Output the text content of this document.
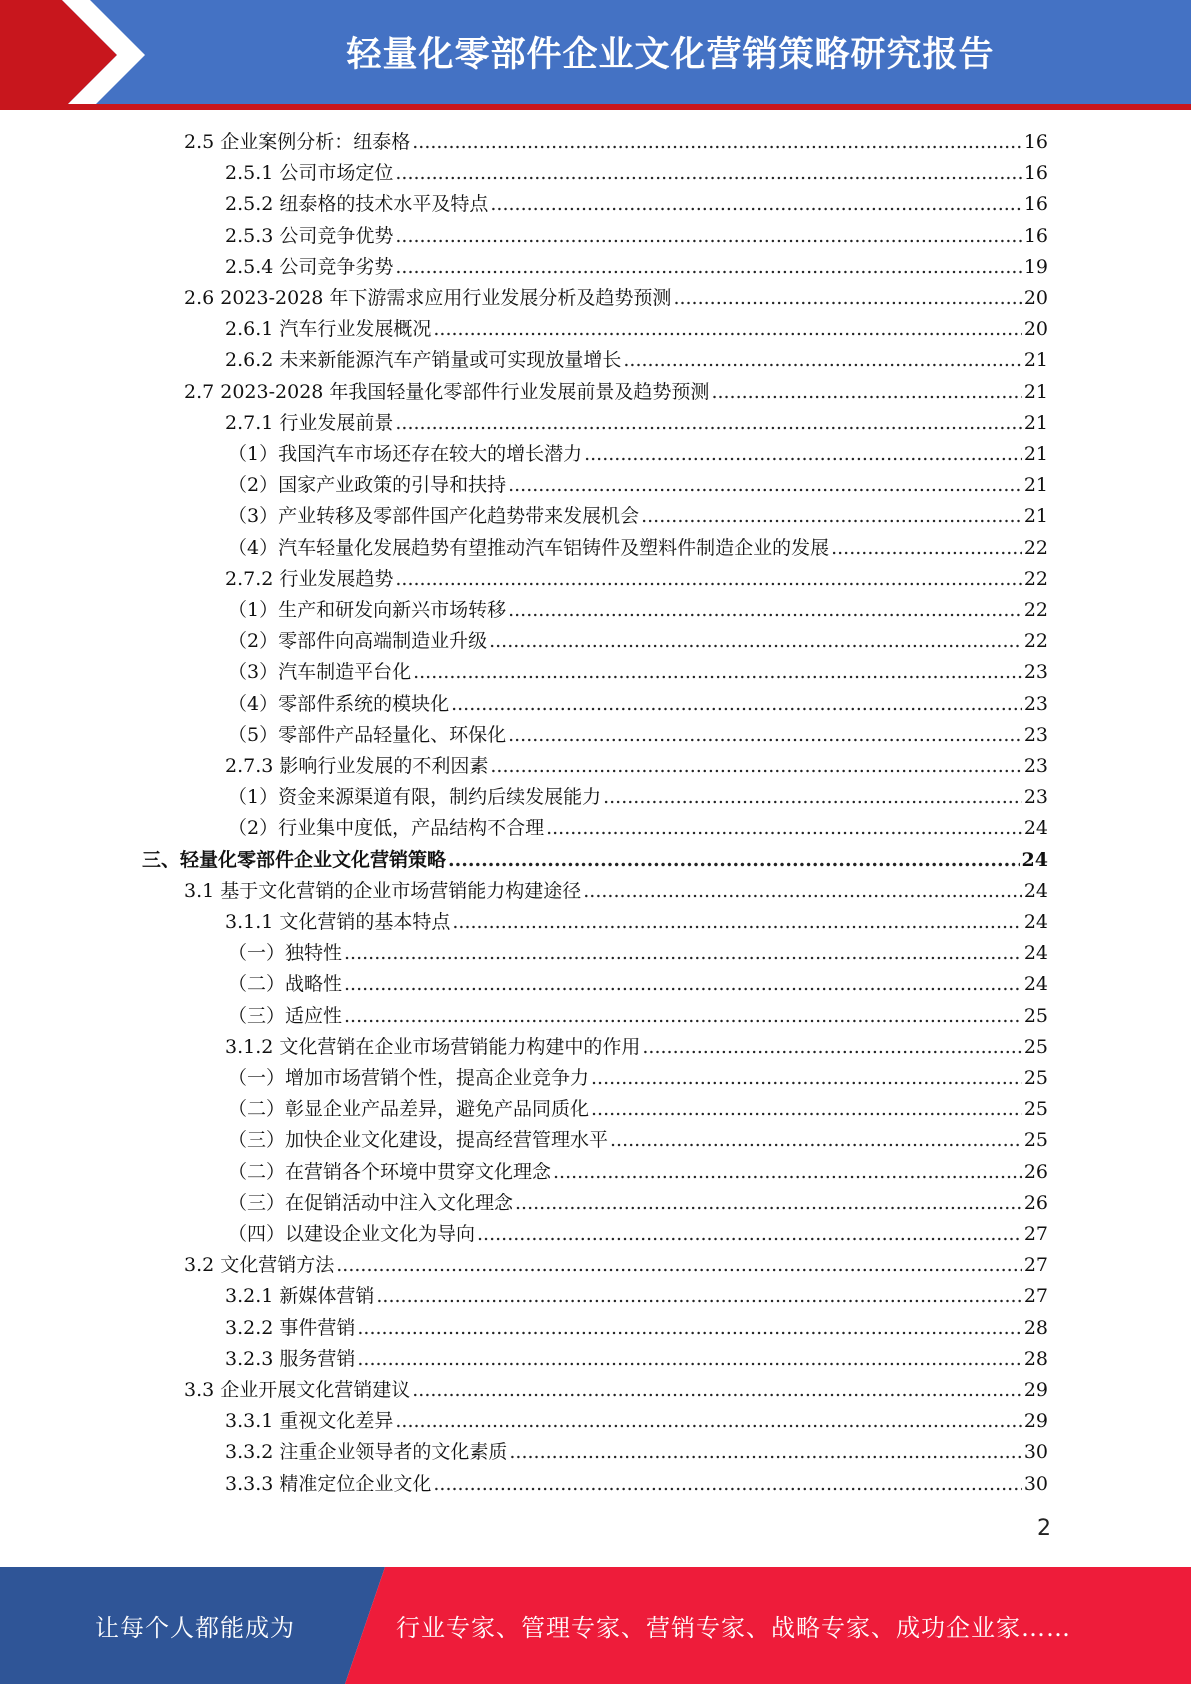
轻量化零部件企业文化营销策略研究报告
2.5 企业案例分析：纽泰格 .....	16
2.5.1 公司市场定位 .....	16
2.5.2 纽泰格的技术水平及特点 .....	16
2.5.3 公司竞争优势 .....	16
2.5.4 公司竞争劣势 .....	19
2.6 2023-2028 年下游需求应用行业发展分析及趋势预测 .....	20
2.6.1 汽车行业发展概况 .....	20
2.6.2 未来新能源汽车产销量或可实现放量增长 .....	21
2.7 2023-2028 年我国轻量化零部件行业发展前景及趋势预测 .....	21
2.7.1 行业发展前景 .....	21
（1）我国汽车市场还存在较大的增长潜力 .....	21
（2）国家产业政策的引导和扶持 .....	21
（3）产业转移及零部件国产化趋势带来发展机会 .....	21
（4）汽车轻量化发展趋势有望推动汽车铝铸件及塑料件制造企业的发展 .....	22
2.7.2 行业发展趋势 .....	22
（1）生产和研发向新兴市场转移 .....	22
（2）零部件向高端制造业升级 .....	22
（3）汽车制造平台化 .....	23
（4）零部件系统的模块化 .....	23
（5）零部件产品轻量化、环保化 .....	23
2.7.3 影响行业发展的不利因素 .....	23
（1）资金来源渠道有限，制约后续发展能力 .....	23
（2）行业集中度低，产品结构不合理 .....	24
三、轻量化零部件企业文化营销策略 .....	24
3.1 基于文化营销的企业市场营销能力构建途径 .....	24
3.1.1 文化营销的基本特点 .....	24
（一）独特性 .....	24
（二）战略性 .....	24
（三）适应性 .....	25
3.1.2 文化营销在企业市场营销能力构建中的作用 .....	25
（一）增加市场营销个性，提高企业竞争力 .....	25
（二）彰显企业产品差异，避免产品同质化 .....	25
（三）加快企业文化建设，提高经营管理水平 .....	25
（二）在营销各个环境中贯穿文化理念 .....	26
（三）在促销活动中注入文化理念 .....	26
（四）以建设企业文化为导向 .....	27
3.2 文化营销方法 .....	27
3.2.1 新媒体营销 .....	27
3.2.2 事件营销 .....	28
3.2.3 服务营销 .....	28
3.3 企业开展文化营销建议 .....	29
3.3.1 重视文化差异 .....	29
3.3.2 注重企业领导者的文化素质 .....	30
3.3.3 精准定位企业文化 .....	30
2
让每个人都能成为	行业专家、管理专家、营销专家、战略专家、成功企业家……
